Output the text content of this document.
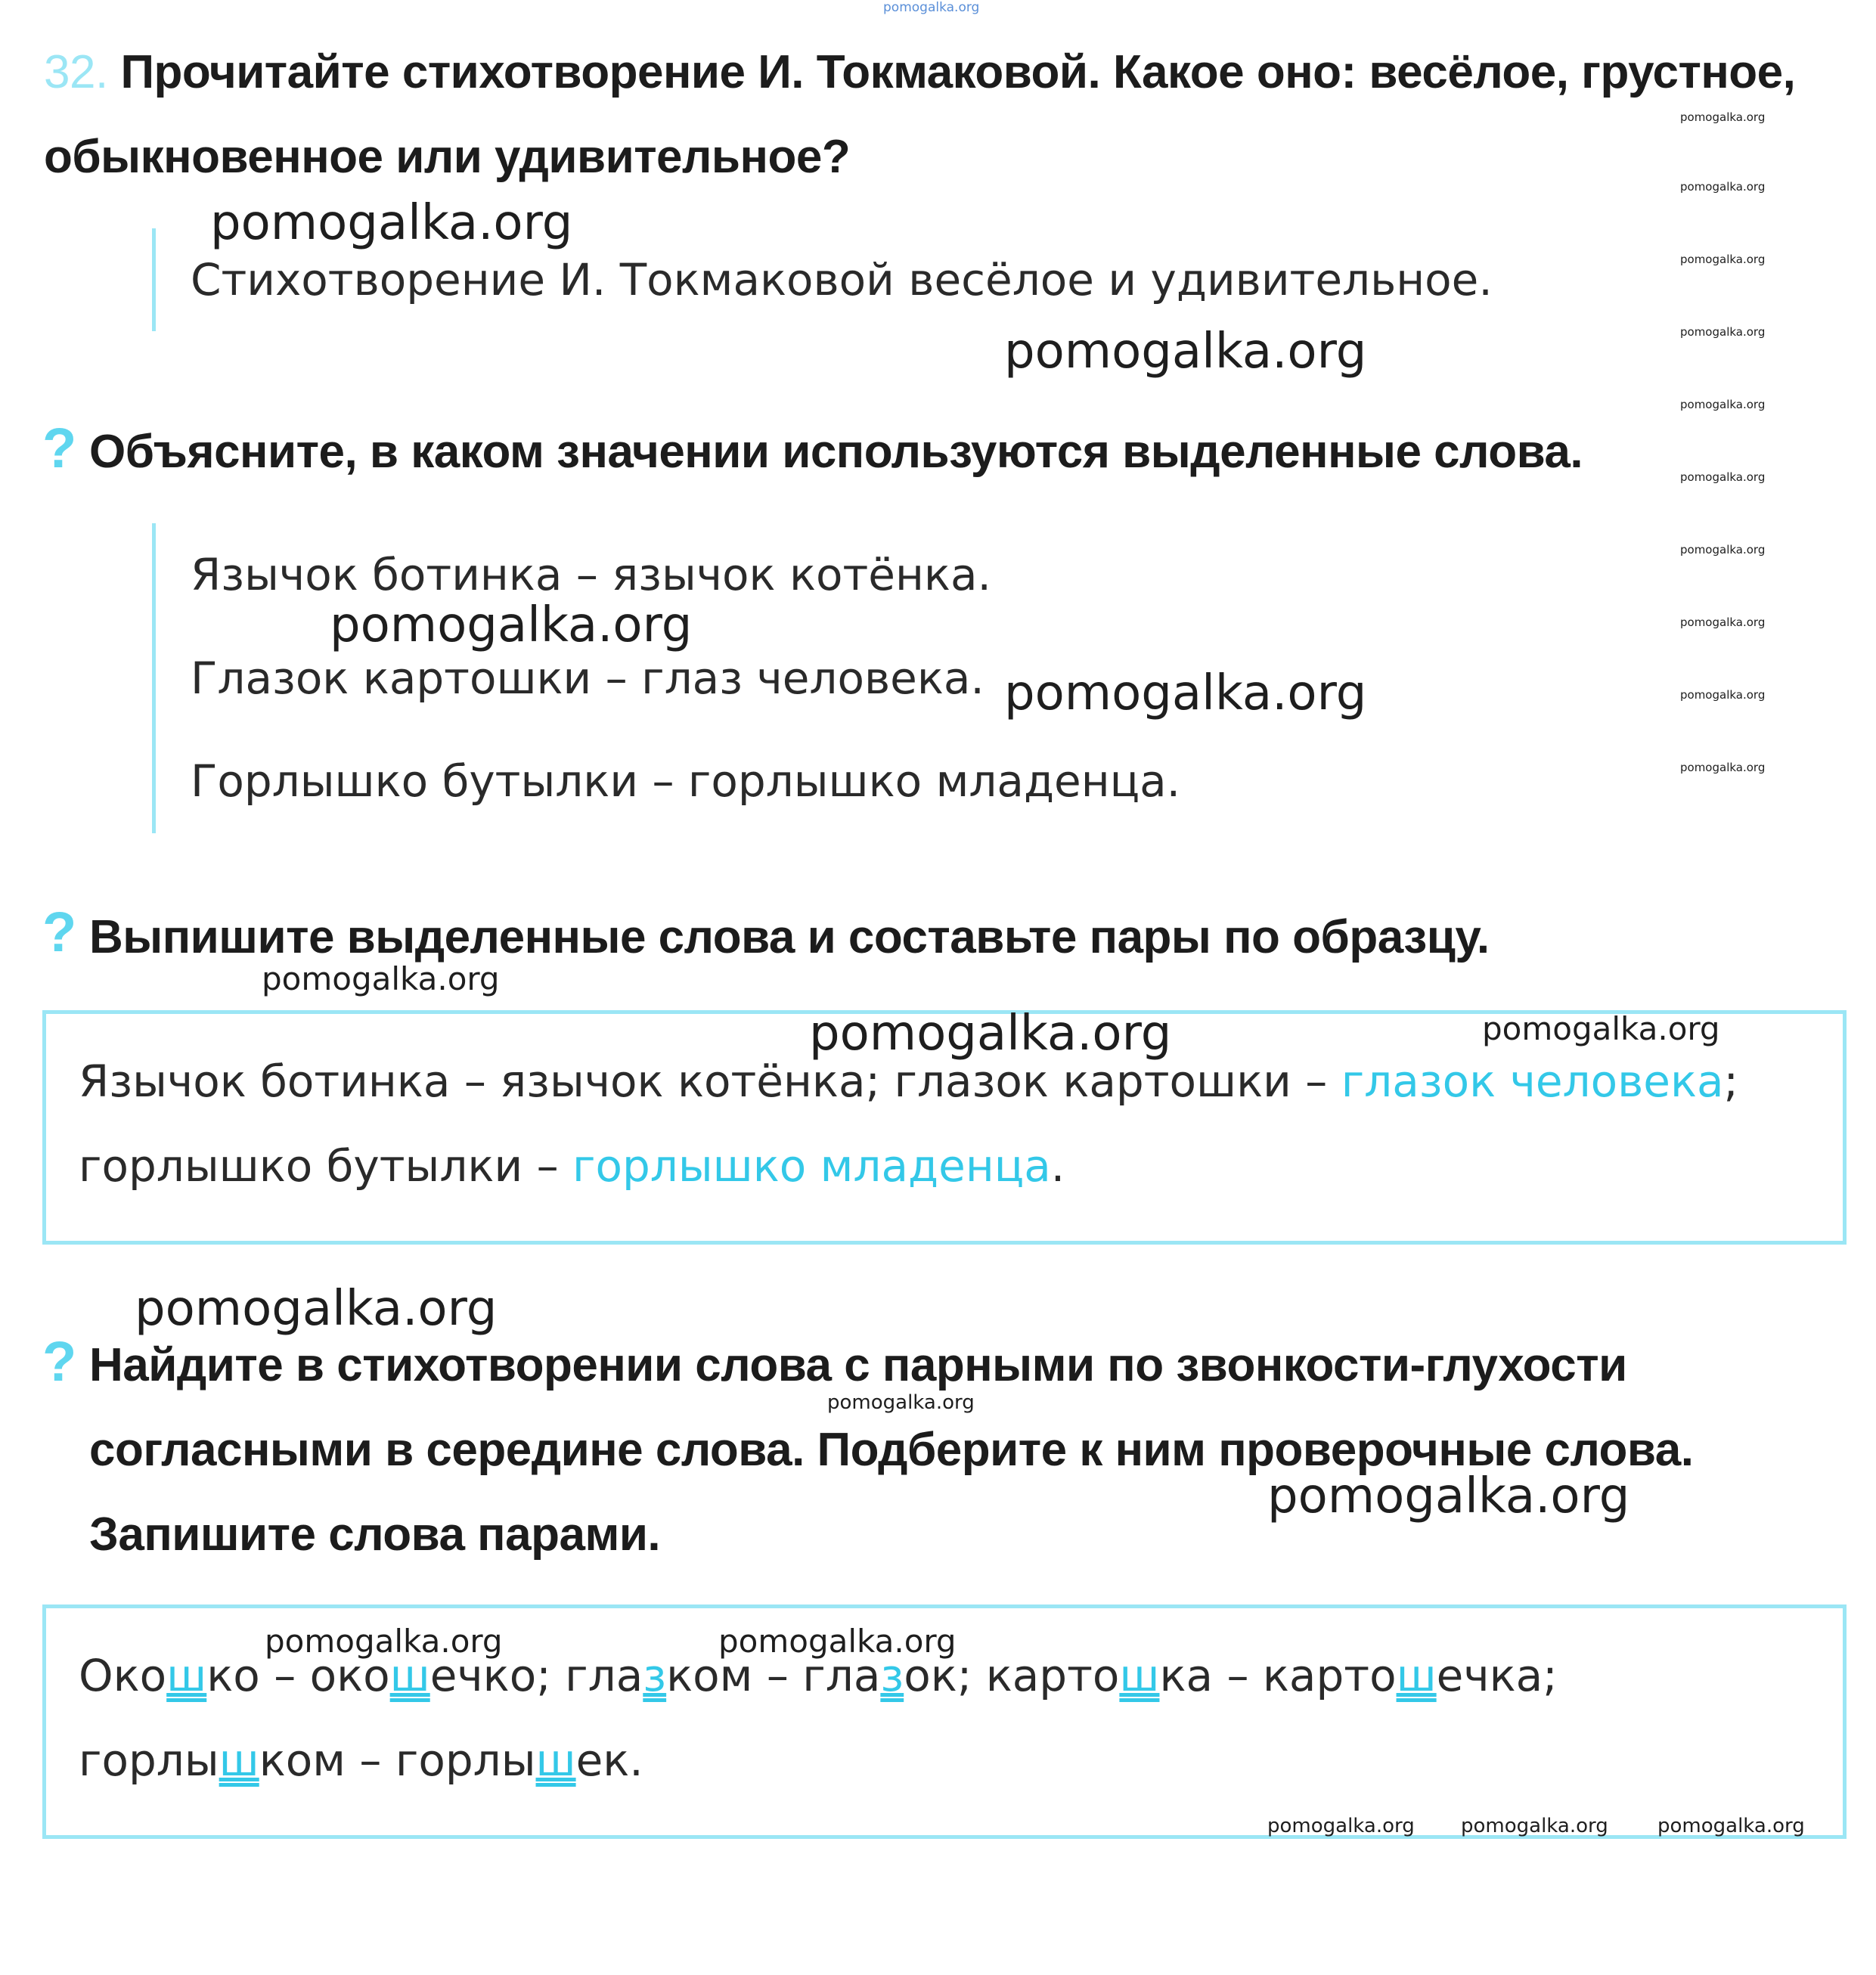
pomogalka.org
32. Прочитайте стихотворение И. Токмаковой. Какое оно: весёлое, грустное,
обыкновенное или удивительное?
Стихотворение И. Токмаковой весёлое и удивительное.
? Объясните, в каком значении используются выделенные слова.
Язычок ботинка – язычок котёнка.
Глазок картошки – глаз человека.
Горлышко бутылки – горлышко младенца.
? Выпишите выделенные слова и составьте пары по образцу.
Язычок ботинка – язычок котёнка; глазок картошки – глазок человека;
горлышко бутылки – горлышко младенца.
? Найдите в стихотворении слова с парными по звонкости-глухости
согласными в середине слова. Подберите к ним проверочные слова.
Запишите слова парами.
Окошко – окошечко; глазком – глазок; картошка – картошечка;
горлышком – горлышек.
pomogalka.org
pomogalka.org
pomogalka.org
pomogalka.org
pomogalka.org
pomogalka.org
pomogalka.org
pomogalka.org
pomogalka.org
pomogalka.org	pomogalka.org
pomogalka.org
pomogalka.org pomogalka.org	pomogalka.org
pomogalka.org
pomogalka.org
pomogalka.org
pomogalka.org
pomogalka.org
pomogalka.org
pomogalka.org
pomogalka.org
pomogalka.org
pomogalka.org
